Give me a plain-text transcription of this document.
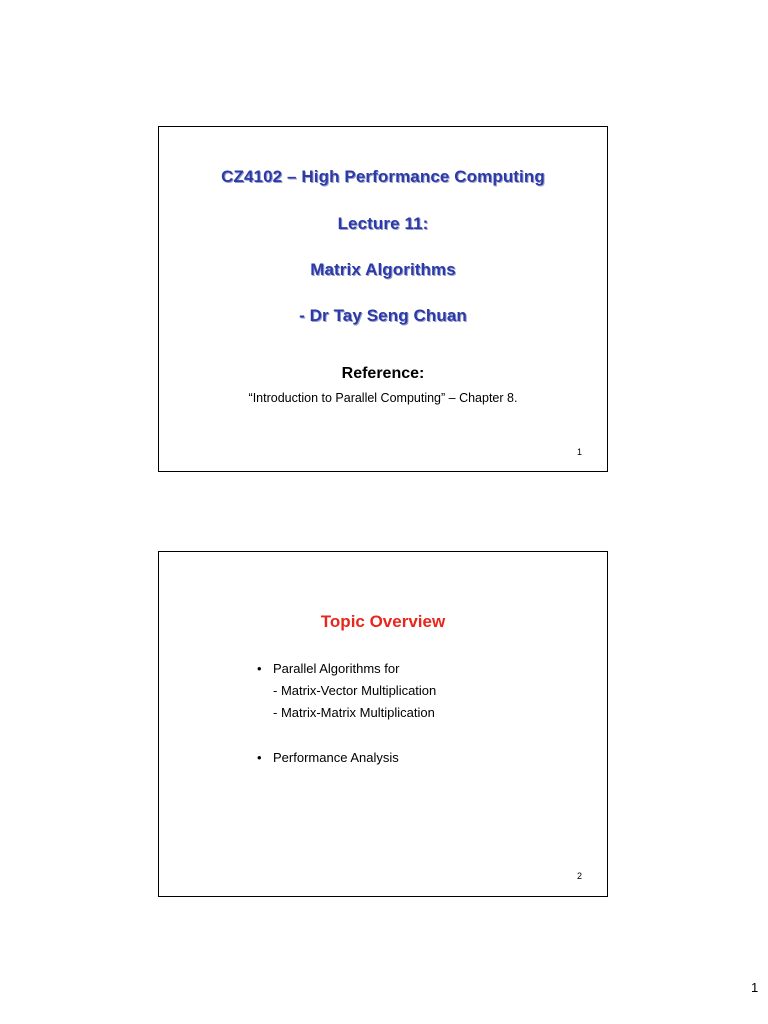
CZ4102 – High Performance Computing
Lecture 11:
Matrix Algorithms
- Dr Tay Seng Chuan
Reference:
“Introduction to Parallel Computing” – Chapter 8.
1
Topic Overview
• Parallel Algorithms for
- Matrix-Vector Multiplication
- Matrix-Matrix Multiplication
• Performance Analysis
2
1
